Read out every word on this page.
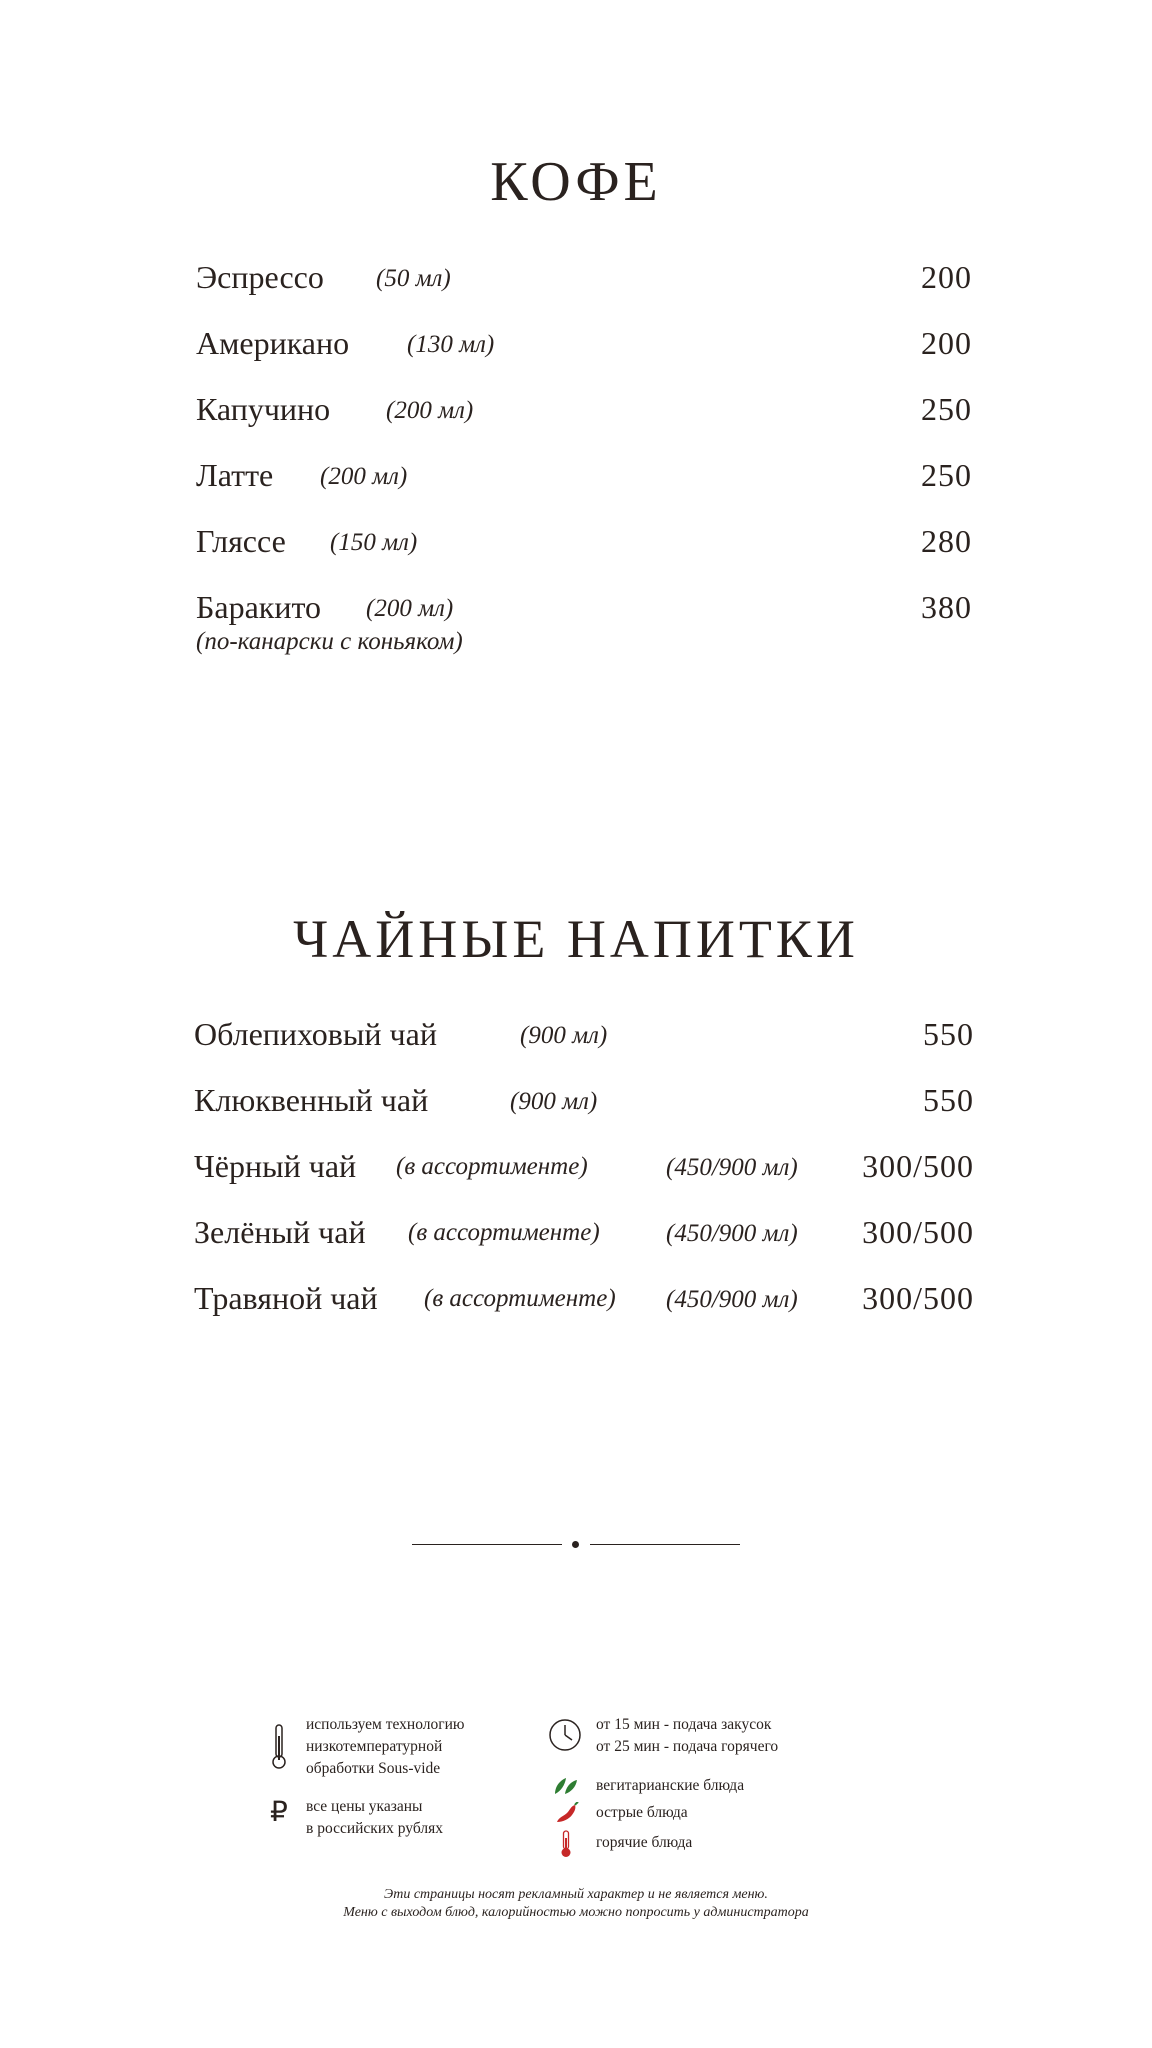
КОФЕ
Эспрессо (50 мл)	200
Американо (130 мл)	200
Капучино (200 мл)	250
Латте (200 мл)	250
Гляссе (150 мл)	280
Баракито (200 мл)	380
(по-канарски с коньяком)
ЧАЙНЫЕ НАПИТКИ
Облепиховый чай	(900 мл)	550
Клюквенный чай	(900 мл)	550
Чёрный чай (в ассортименте)	(450/900 мл) 300/500
Зелёный чай (в ассортименте)	(450/900 мл) 300/500
Травяной чай (в ассортименте) (450/900 мл) 300/500
используем технологию
низкотемпературной
обработки Sous-vide
₽ все цены указаны
в российских рублях
от 15 мин - подача закусок
от 25 мин - подача горячего
вегитарианские блюда
острые блюда
горячие блюда
Эти страницы носят рекламный характер и не является меню.
Меню с выходом блюд, калорийностью можно попросить у администратора
